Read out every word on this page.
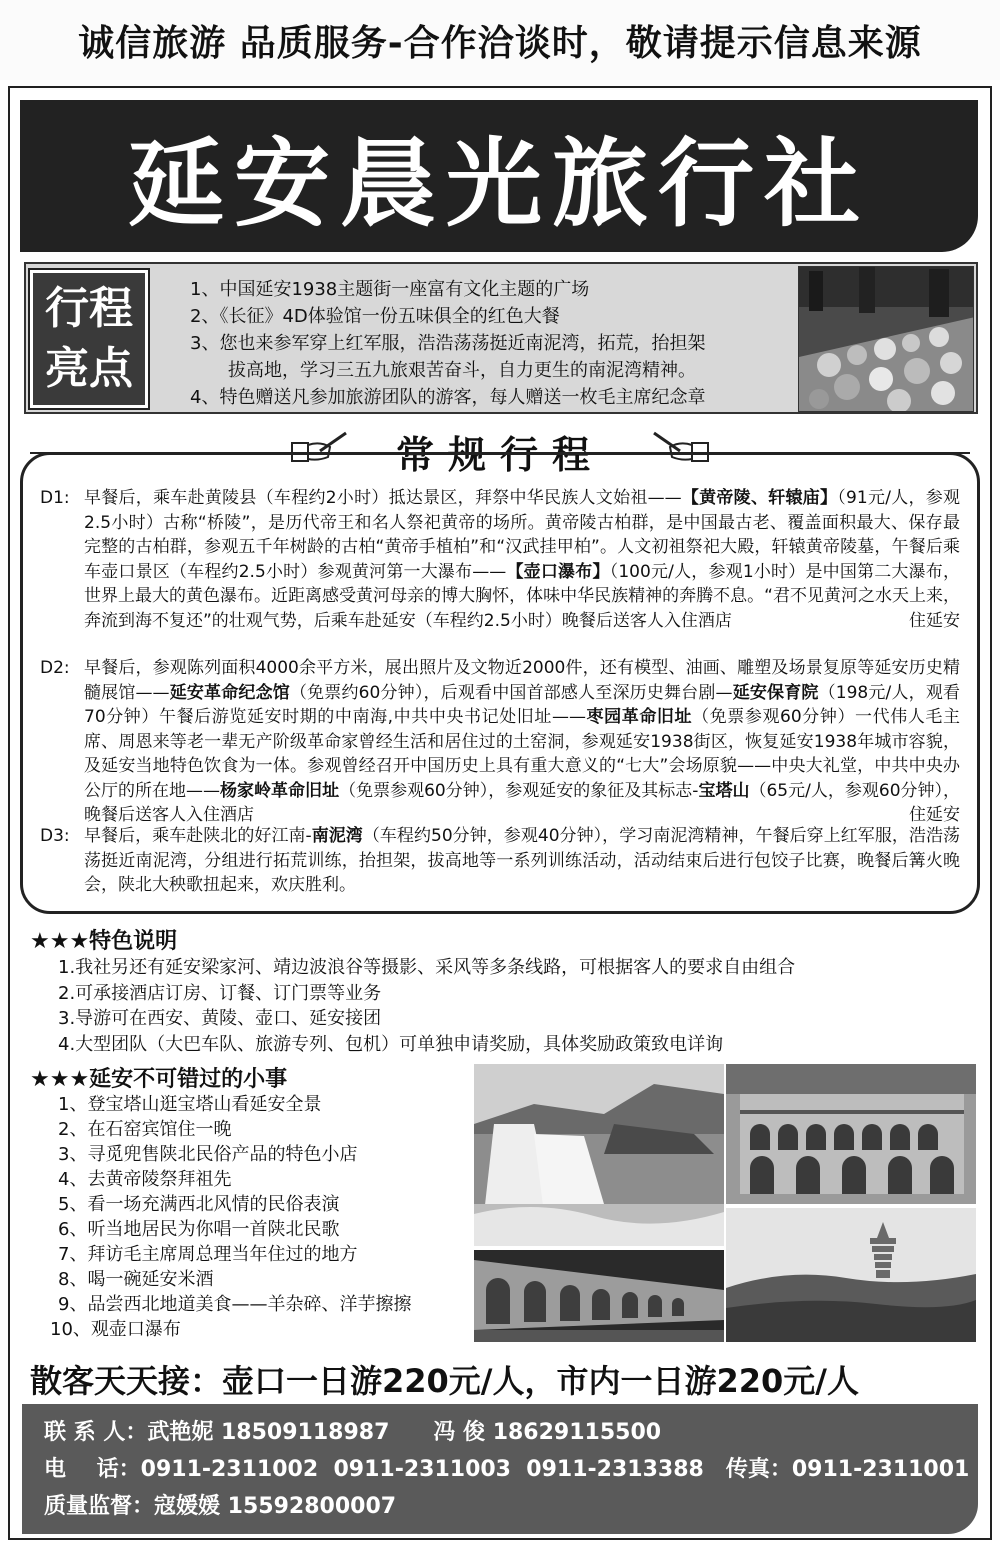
诚信旅游 品质服务-合作洽谈时，敬请提示信息来源
延安晨光旅行社
行程
亮点
1、中国延安1938主题街一座富有文化主题的广场
2、《长征》4D体验馆一份五味俱全的红色大餐
3、您也来参军穿上红军服，浩浩荡荡挺近南泥湾，拓荒，抬担架
拔高地，学习三五九旅艰苦奋斗，自力更生的南泥湾精神。
4、特色赠送凡参加旅游团队的游客，每人赠送一枚毛主席纪念章
常规行程
D1: 早餐后，乘车赴黄陵县（车程约2小时）抵达景区，拜祭中华民族人文始祖——【黄帝陵、轩辕庙】（91元/人，参观2.5小时）古称“桥陵”，是历代帝王和名人祭祀黄帝的场所。黄帝陵古柏群，是中国最古老、覆盖面积最大、保存最完整的古柏群，参观五千年树龄的古柏“黄帝手植柏”和“汉武挂甲柏”。人文初祖祭祀大殿，轩辕黄帝陵墓，午餐后乘车壶口景区（车程约2.5小时）参观黄河第一大瀑布——【壶口瀑布】（100元/人，参观1小时）是中国第二大瀑布，世界上最大的黄色瀑布。近距离感受黄河母亲的博大胸怀，体味中华民族精神的奔腾不息。“君不见黄河之水天上来，奔流到海不复还”的壮观气势，后乘车赴延安（车程约2.5小时）晚餐后送客人入住酒店	住延安
D2: 早餐后，参观陈列面积4000余平方米，展出照片及文物近2000件，还有模型、油画、雕塑及场景复原等延安历史精髓展馆——延安革命纪念馆（免票约60分钟），后观看中国首部感人至深历史舞台剧—延安保育院（198元/人，观看70分钟）午餐后游览延安时期的中南海,中共中央书记处旧址——枣园革命旧址（免票参观60分钟）一代伟人毛主席、周恩来等老一辈无产阶级革命家曾经生活和居住过的土窑洞，参观延安1938街区，恢复延安1938年城市容貌，及延安当地特色饮食为一体。参观曾经召开中国历史上具有重大意义的“七大”会场原貌——中央大礼堂，中共中央办公厅的所在地——杨家岭革命旧址（免票参观60分钟），参观延安的象征及其标志-宝塔山（65元/人，参观60分钟），晚餐后送客人入住酒店	住延安
D3: 早餐后，乘车赴陕北的好江南-南泥湾（车程约50分钟，参观40分钟），学习南泥湾精神，午餐后穿上红军服，浩浩荡荡挺近南泥湾，分组进行拓荒训练，抬担架，拔高地等一系列训练活动，活动结束后进行包饺子比赛，晚餐后篝火晚会，陕北大秧歌扭起来，欢庆胜利。
★★★特色说明
1.我社另还有延安梁家河、靖边波浪谷等摄影、采风等多条线路，可根据客人的要求自由组合
2.可承接酒店订房、订餐、订门票等业务
3.导游可在西安、黄陵、壶口、延安接团
4.大型团队（大巴车队、旅游专列、包机）可单独申请奖励，具体奖励政策致电详询
★★★延安不可错过的小事
1、登宝塔山逛宝塔山看延安全景
2、在石窑宾馆住一晚
3、寻觅兜售陕北民俗产品的特色小店
4、去黄帝陵祭拜祖先
5、看一场充满西北风情的民俗表演
6、听当地居民为你唱一首陕北民歌
7、拜访毛主席周总理当年住过的地方
8、喝一碗延安米酒
9、品尝西北地道美食——羊杂碎、洋芋擦擦
10、观壶口瀑布
散客天天接：壶口一日游220元/人，市内一日游220元/人
联 系 人：武艳妮 18509118987 冯 俊 18629115500
电    话：0911-2311002  0911-2311003  0911-2313388 传真：0911-2311001
质量监督：寇媛媛 15592800007
